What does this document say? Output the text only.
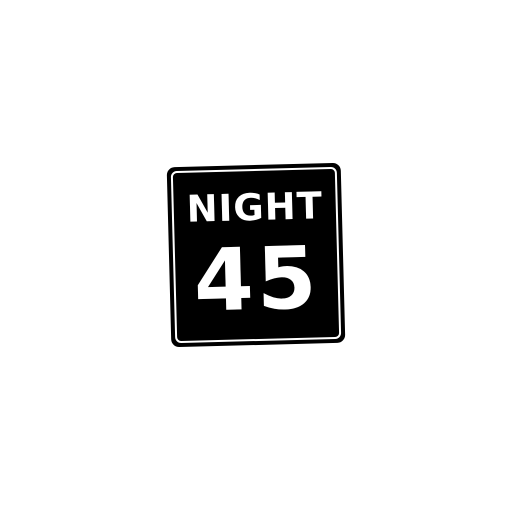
NIGHT
45
